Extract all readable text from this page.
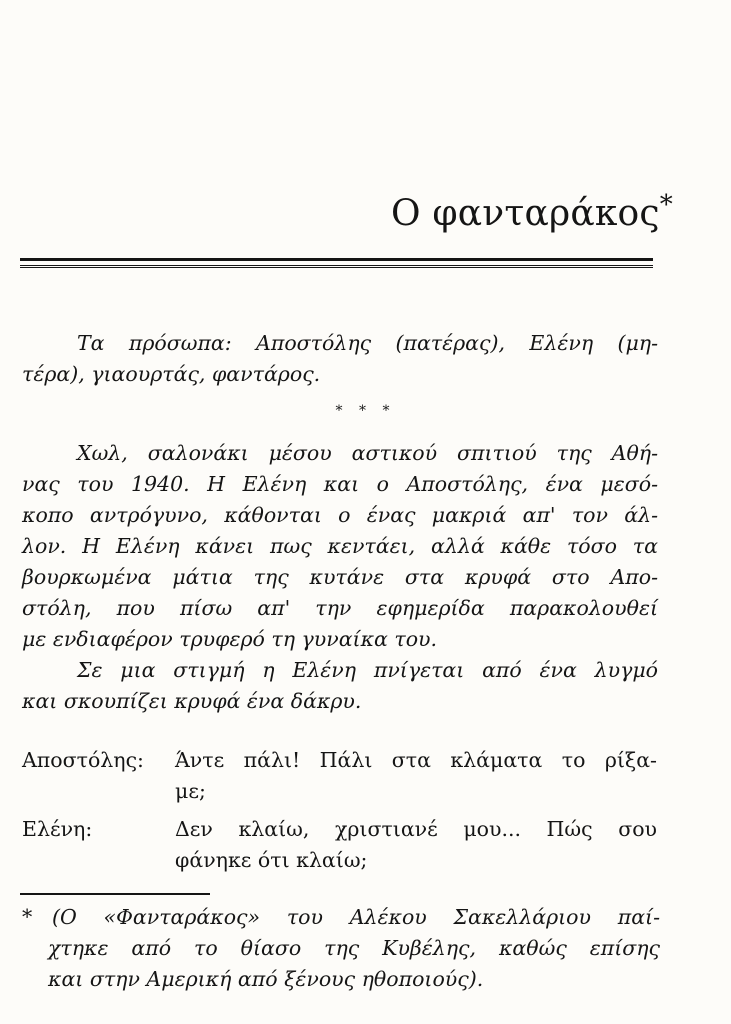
Ο φανταράκος*
Τα πρόσωπα: Αποστόλης (πατέρας), Ελένη (μη-
τέρα), γιαουρτάς, φαντάρος.
* * *
Χωλ, σαλονάκι μέσου αστικού σπιτιού της Αθή-
νας του 1940. Η Ελένη και ο Αποστόλης, ένα μεσό-
κοπο αντρόγυνο, κάθονται ο ένας μακριά απ' τον άλ-
λον. Η Ελένη κάνει πως κεντάει, αλλά κάθε τόσο τα
βουρκωμένα μάτια της κυτάνε στα κρυφά στο Απο-
στόλη, που πίσω απ' την εφημερίδα παρακολουθεί
με ενδιαφέρον τρυφερό τη γυναίκα του.
Σε μια στιγμή η Ελένη πνίγεται από ένα λυγμό
και σκουπίζει κρυφά ένα δάκρυ.
Αποστόλης: Άντε πάλι! Πάλι στα κλάματα το ρίξα-
με;
Ελένη:	Δεν κλαίω, χριστιανέ μου... Πώς σου
φάνηκε ότι κλαίω;
* (Ο «Φανταράκος» του Αλέκου Σακελλάριου παί-
χτηκε από το θίασο της Κυβέλης, καθώς επίσης
και στην Αμερική από ξένους ηθοποιούς).
